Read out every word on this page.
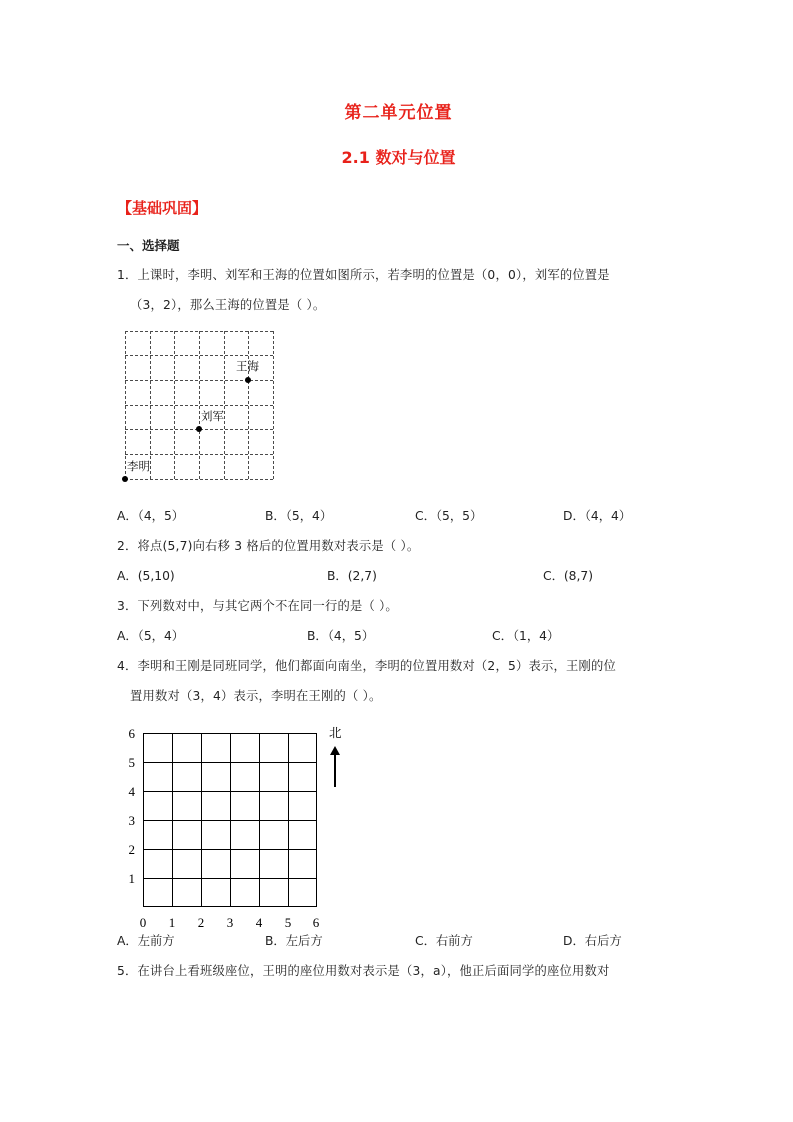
第二单元位置
2.1 数对与位置
【基础巩固】
一、选择题

1．上课时，李明、刘军和王海的位置如图所示，若李明的位置是（0，0），刘军的位置是

（3，2），那么王海的位置是（ ）。

李明
刘军
王海
A．（4，5）	B．（5，4）	C．（5，5）	D．（4，4）

2．将点(5,7)向右移 3 格后的位置用数对表示是（ ）。

A．(5,10)	B．(2,7)	C．(8,7)

3．下列数对中，与其它两个不在同一行的是（ ）。

A．（5，4）	B．（4，5）	C．（1，4）

4．李明和王刚是同班同学，他们都面向南坐，李明的位置用数对（2，5）表示，王刚的位

置用数对（3，4）表示，李明在王刚的（ ）。

6
5
4
3
2
1
0 1 2 3 4 5 6
北
A．左前方	B．左后方	C．右前方	D．右后方

5．在讲台上看班级座位，王明的座位用数对表示是（3，a），他正后面同学的座位用数对
